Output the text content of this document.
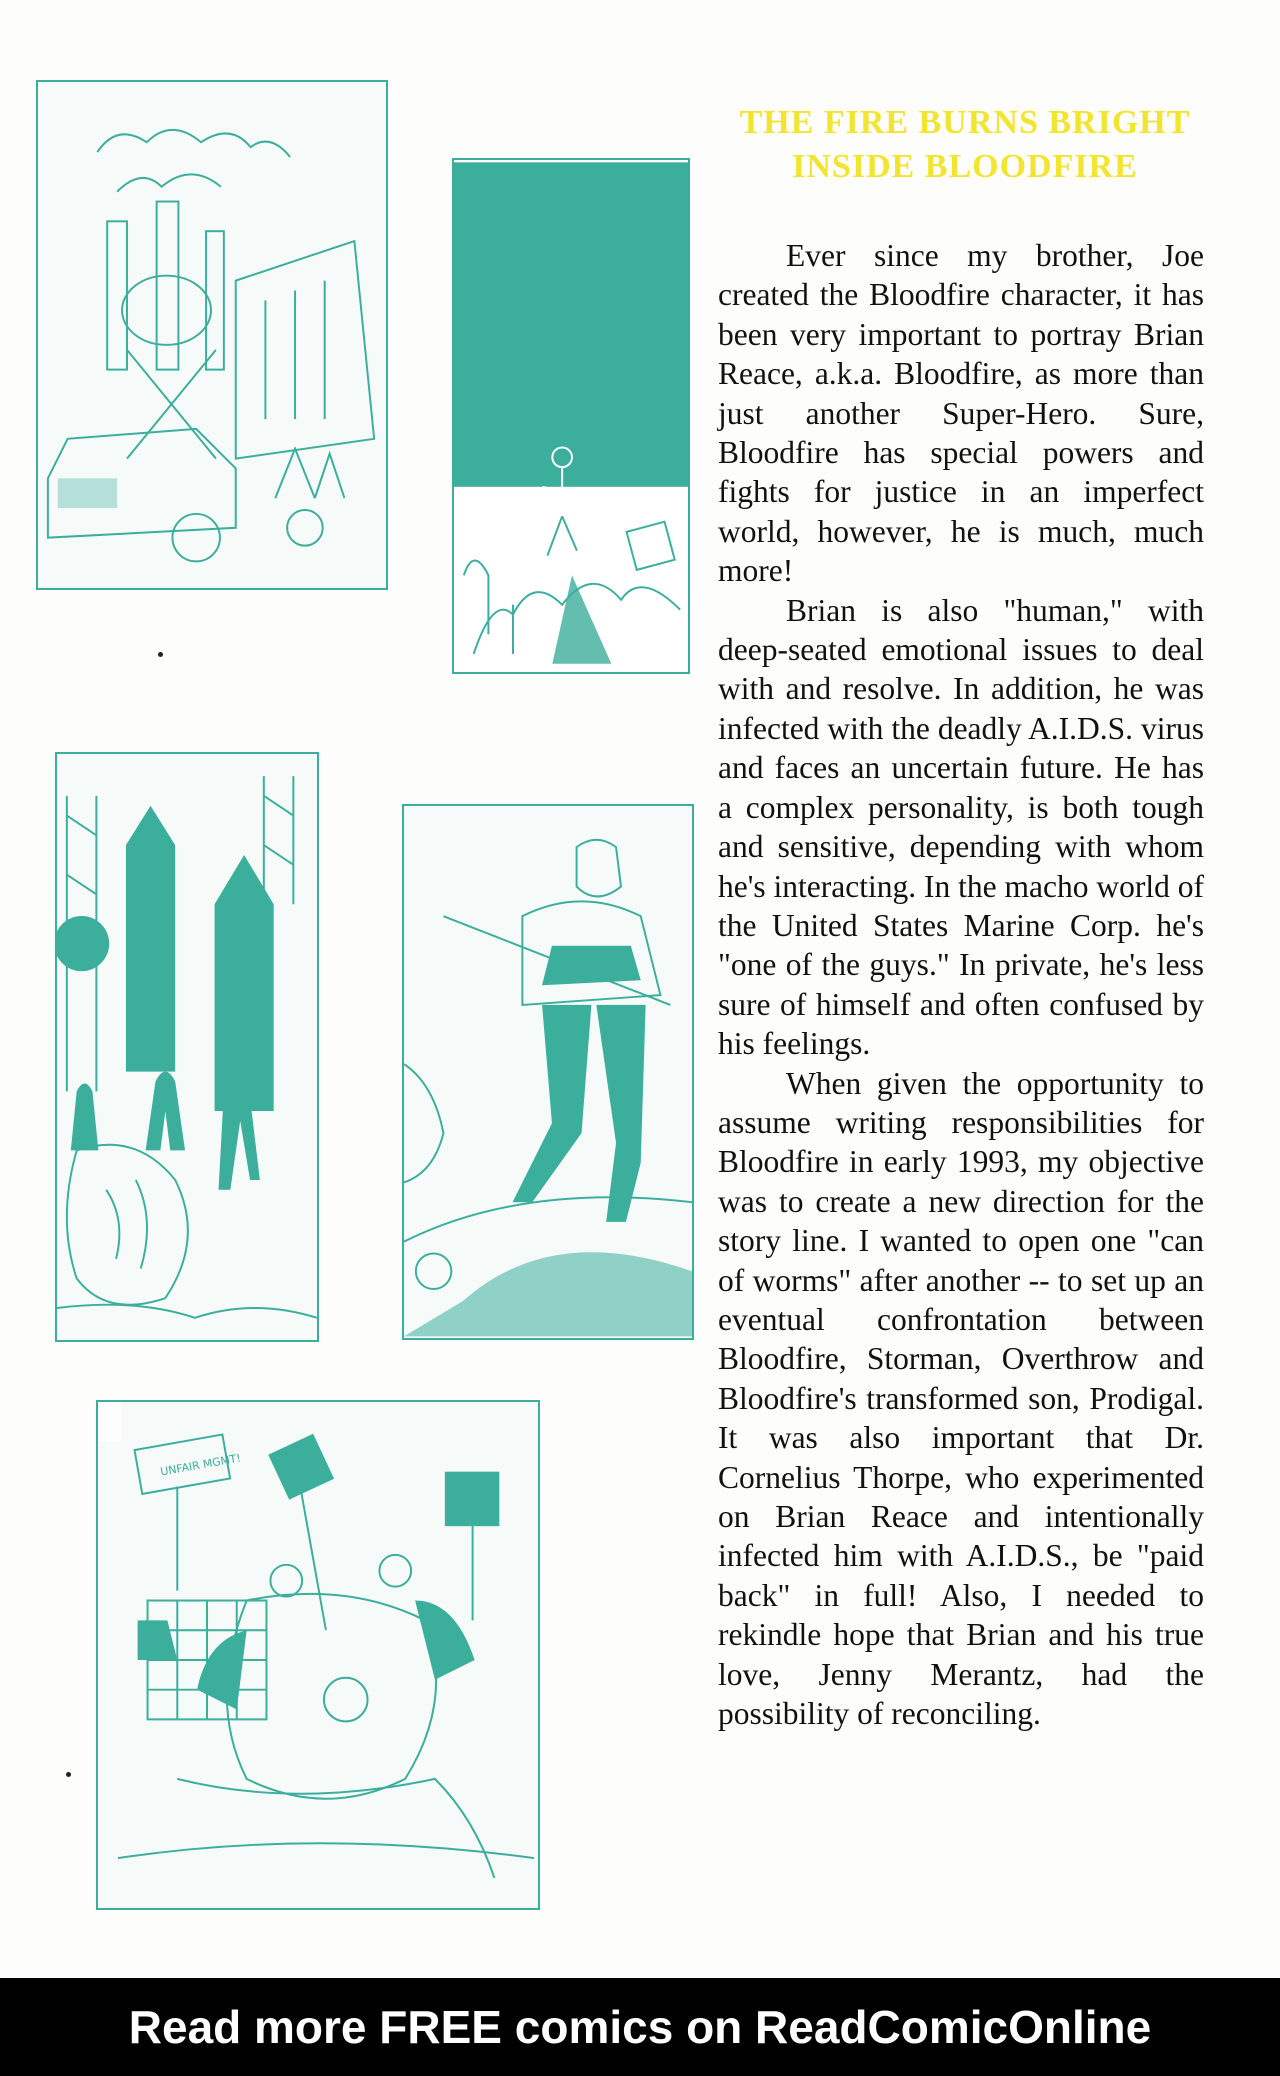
UNFAIR MGMT!
THE FIRE BURNS BRIGHT
INSIDE BLOODFIRE

Ever since my brother, Joe created the Bloodfire character, it has been very important to portray Brian Reace, a.k.a. Bloodfire, as more than just another Super-Hero. Sure, Bloodfire has special powers and fights for justice in an imperfect world, however, he is much, much more!

Brian is also "human," with deep-seated emotional issues to deal with and resolve. In addition, he was infected with the deadly A.I.D.S. virus and faces an uncertain future. He has a complex personality, is both tough and sensitive, depending with whom he's interacting. In the macho world of the United States Marine Corp. he's "one of the guys." In private, he's less sure of himself and often confused by his feelings.

When given the opportunity to assume writing responsibilities for Bloodfire in early 1993, my objective was to create a new direction for the story line. I wanted to open one "can of worms" after another -- to set up an eventual confrontation between Bloodfire, Storman, Overthrow and Bloodfire's transformed son, Prodigal. It was also important that Dr. Cornelius Thorpe, who experimented on Brian Reace and intentionally infected him with A.I.D.S., be "paid back" in full! Also, I needed to rekindle hope that Brian and his true love, Jenny Merantz, had the possibility of reconciling.

Read more FREE comics on ReadComicOnline
